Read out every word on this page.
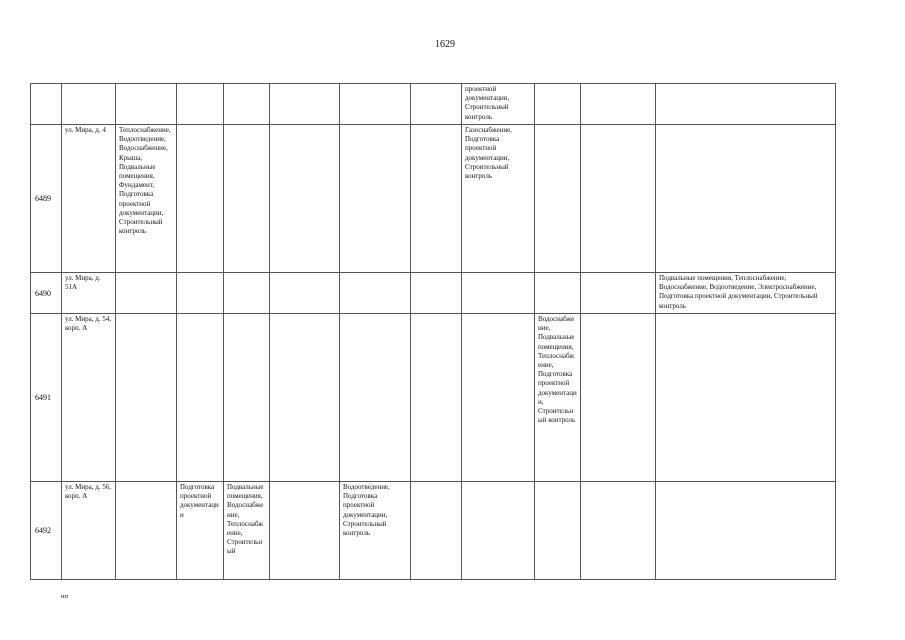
1629
								проектной документации, Строительный контроль			
6489	ул. Мира, д. 4	Теплоснабжение, Водоотведение, Водоснабжение, Крыша, Подвальные помещения, Фундамент, Подготовка проектной документации, Строительный контроль						Газоснабжение, Подготовка проектной документации, Строительный контроль			
6490	ул. Мира, д. 51А										Подвальные помещения, Теплоснабжение, Водоснабжение, Водоотведение, Электроснабжение, Подготовка проектной документации, Строительный контроль
6491	ул. Мира, д. 54, корп. А								Водоснабжение, Подвальные помещения, Теплоснабжение, Подготовка проектной документации, Строительный контроль		
6492	ул. Мира, д. 56, корп. А		Подготовка проектной документации	Подвальные помещения, Водоснабжение, Теплоснабжение, Строительный		Водоотведение, Подготовка проектной документации, Строительный контроль					
нп
